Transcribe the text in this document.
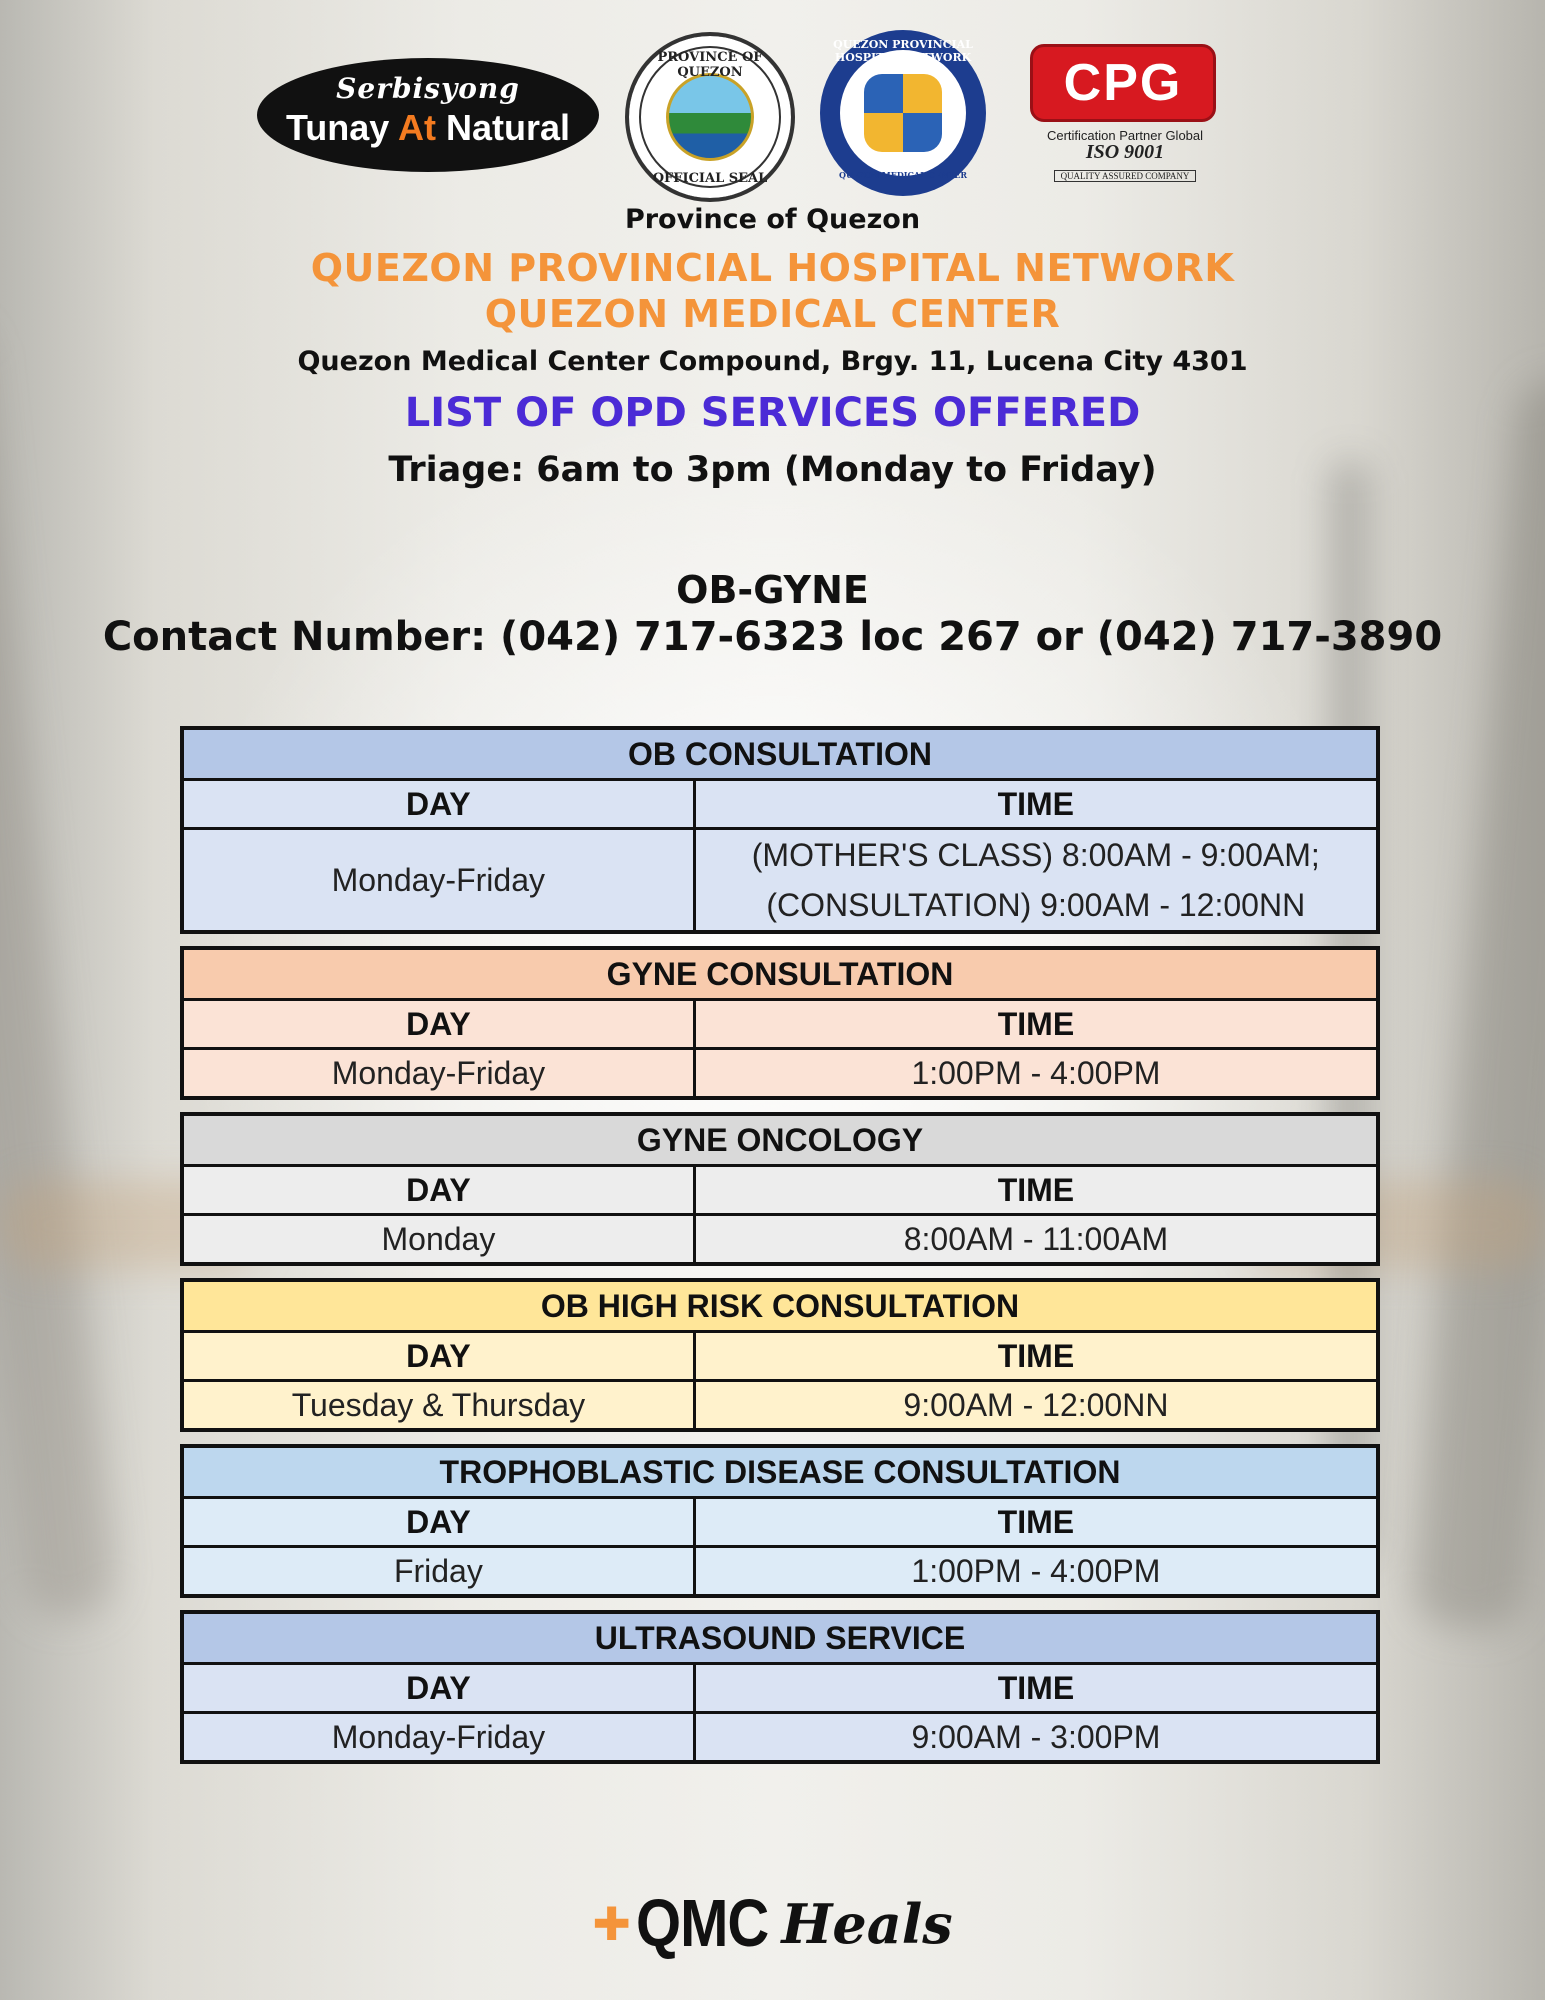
Serbisyong
Tunay At Natural
PROVINCE OF QUEZON
OFFICIAL SEAL
QUEZON PROVINCIAL HOSPITAL NETWORK
QUEZON MEDICAL CENTER
CPG
Certification Partner Global
ISO 9001
QUALITY ASSURED COMPANY
Province of Quezon
QUEZON PROVINCIAL HOSPITAL NETWORK
QUEZON MEDICAL CENTER
Quezon Medical Center Compound, Brgy. 11, Lucena City 4301
LIST OF OPD SERVICES OFFERED
Triage: 6am to 3pm (Monday to Friday)
OB-GYNE
Contact Number: (042) 717-6323 loc 267 or (042) 717-3890
OB CONSULTATION	
DAY	TIME
Monday-Friday	(MOTHER'S CLASS) 8:00AM - 9:00AM;
(CONSULTATION) 9:00AM - 12:00NN
GYNE CONSULTATION	
DAY	TIME
Monday-Friday	1:00PM - 4:00PM
GYNE ONCOLOGY	
DAY	TIME
Monday	8:00AM - 11:00AM
OB HIGH RISK CONSULTATION	
DAY	TIME
Tuesday & Thursday	9:00AM - 12:00NN
TROPHOBLASTIC DISEASE CONSULTATION	
DAY	TIME
Friday	1:00PM - 4:00PM
ULTRASOUND SERVICE	
DAY	TIME
Monday-Friday	9:00AM - 3:00PM
✚ QMC Heals
